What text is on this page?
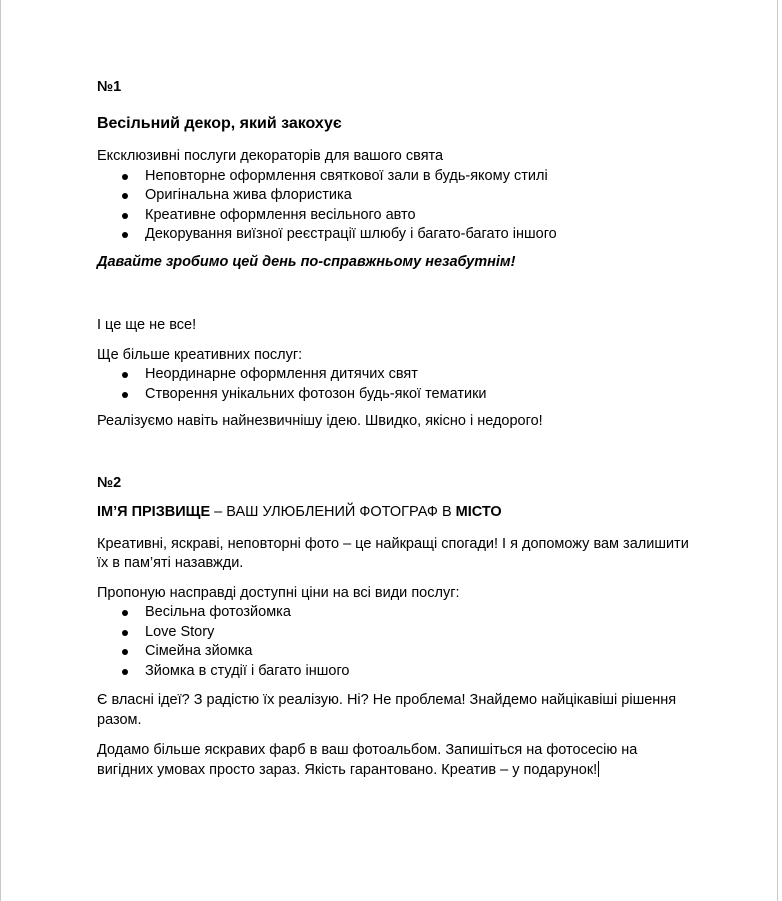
№1
Весільний декор, який закохує
Ексклюзивні послуги декораторів для вашого свята
Неповторне оформлення святкової зали в будь-якому стилі
Оригінальна жива флористика
Креативне оформлення весільного авто
Декорування виїзної реєстрації шлюбу і багато-багато іншого
Давайте зробимо цей день по-справжньому незабутнім!
І це ще не все!
Ще більше креативних послуг:
Неординарне оформлення дитячих свят
Створення унікальних фотозон будь-якої тематики
Реалізуємо навіть найнезвичнішу ідею. Швидко, якісно і недорого!
№2
ІМ’Я ПРІЗВИЩЕ – ВАШ УЛЮБЛЕНИЙ ФОТОГРАФ В МІСТО
Креативні, яскраві, неповторні фото – це найкращі спогади! І я допоможу вам залишити
їх в пам’яті назавжди.
Пропоную насправді доступні ціни на всі види послуг:
Весільна фотозйомка
Love Story
Сімейна зйомка
Зйомка в студії і багато іншого
Є власні ідеї? З радістю їх реалізую. Ні? Не проблема! Знайдемо найцікавіші рішення
разом.
Додамо більше яскравих фарб в ваш фотоальбом. Запишіться на фотосесію на
вигідних умовах просто зараз. Якість гарантовано. Креатив – у подарунок!
